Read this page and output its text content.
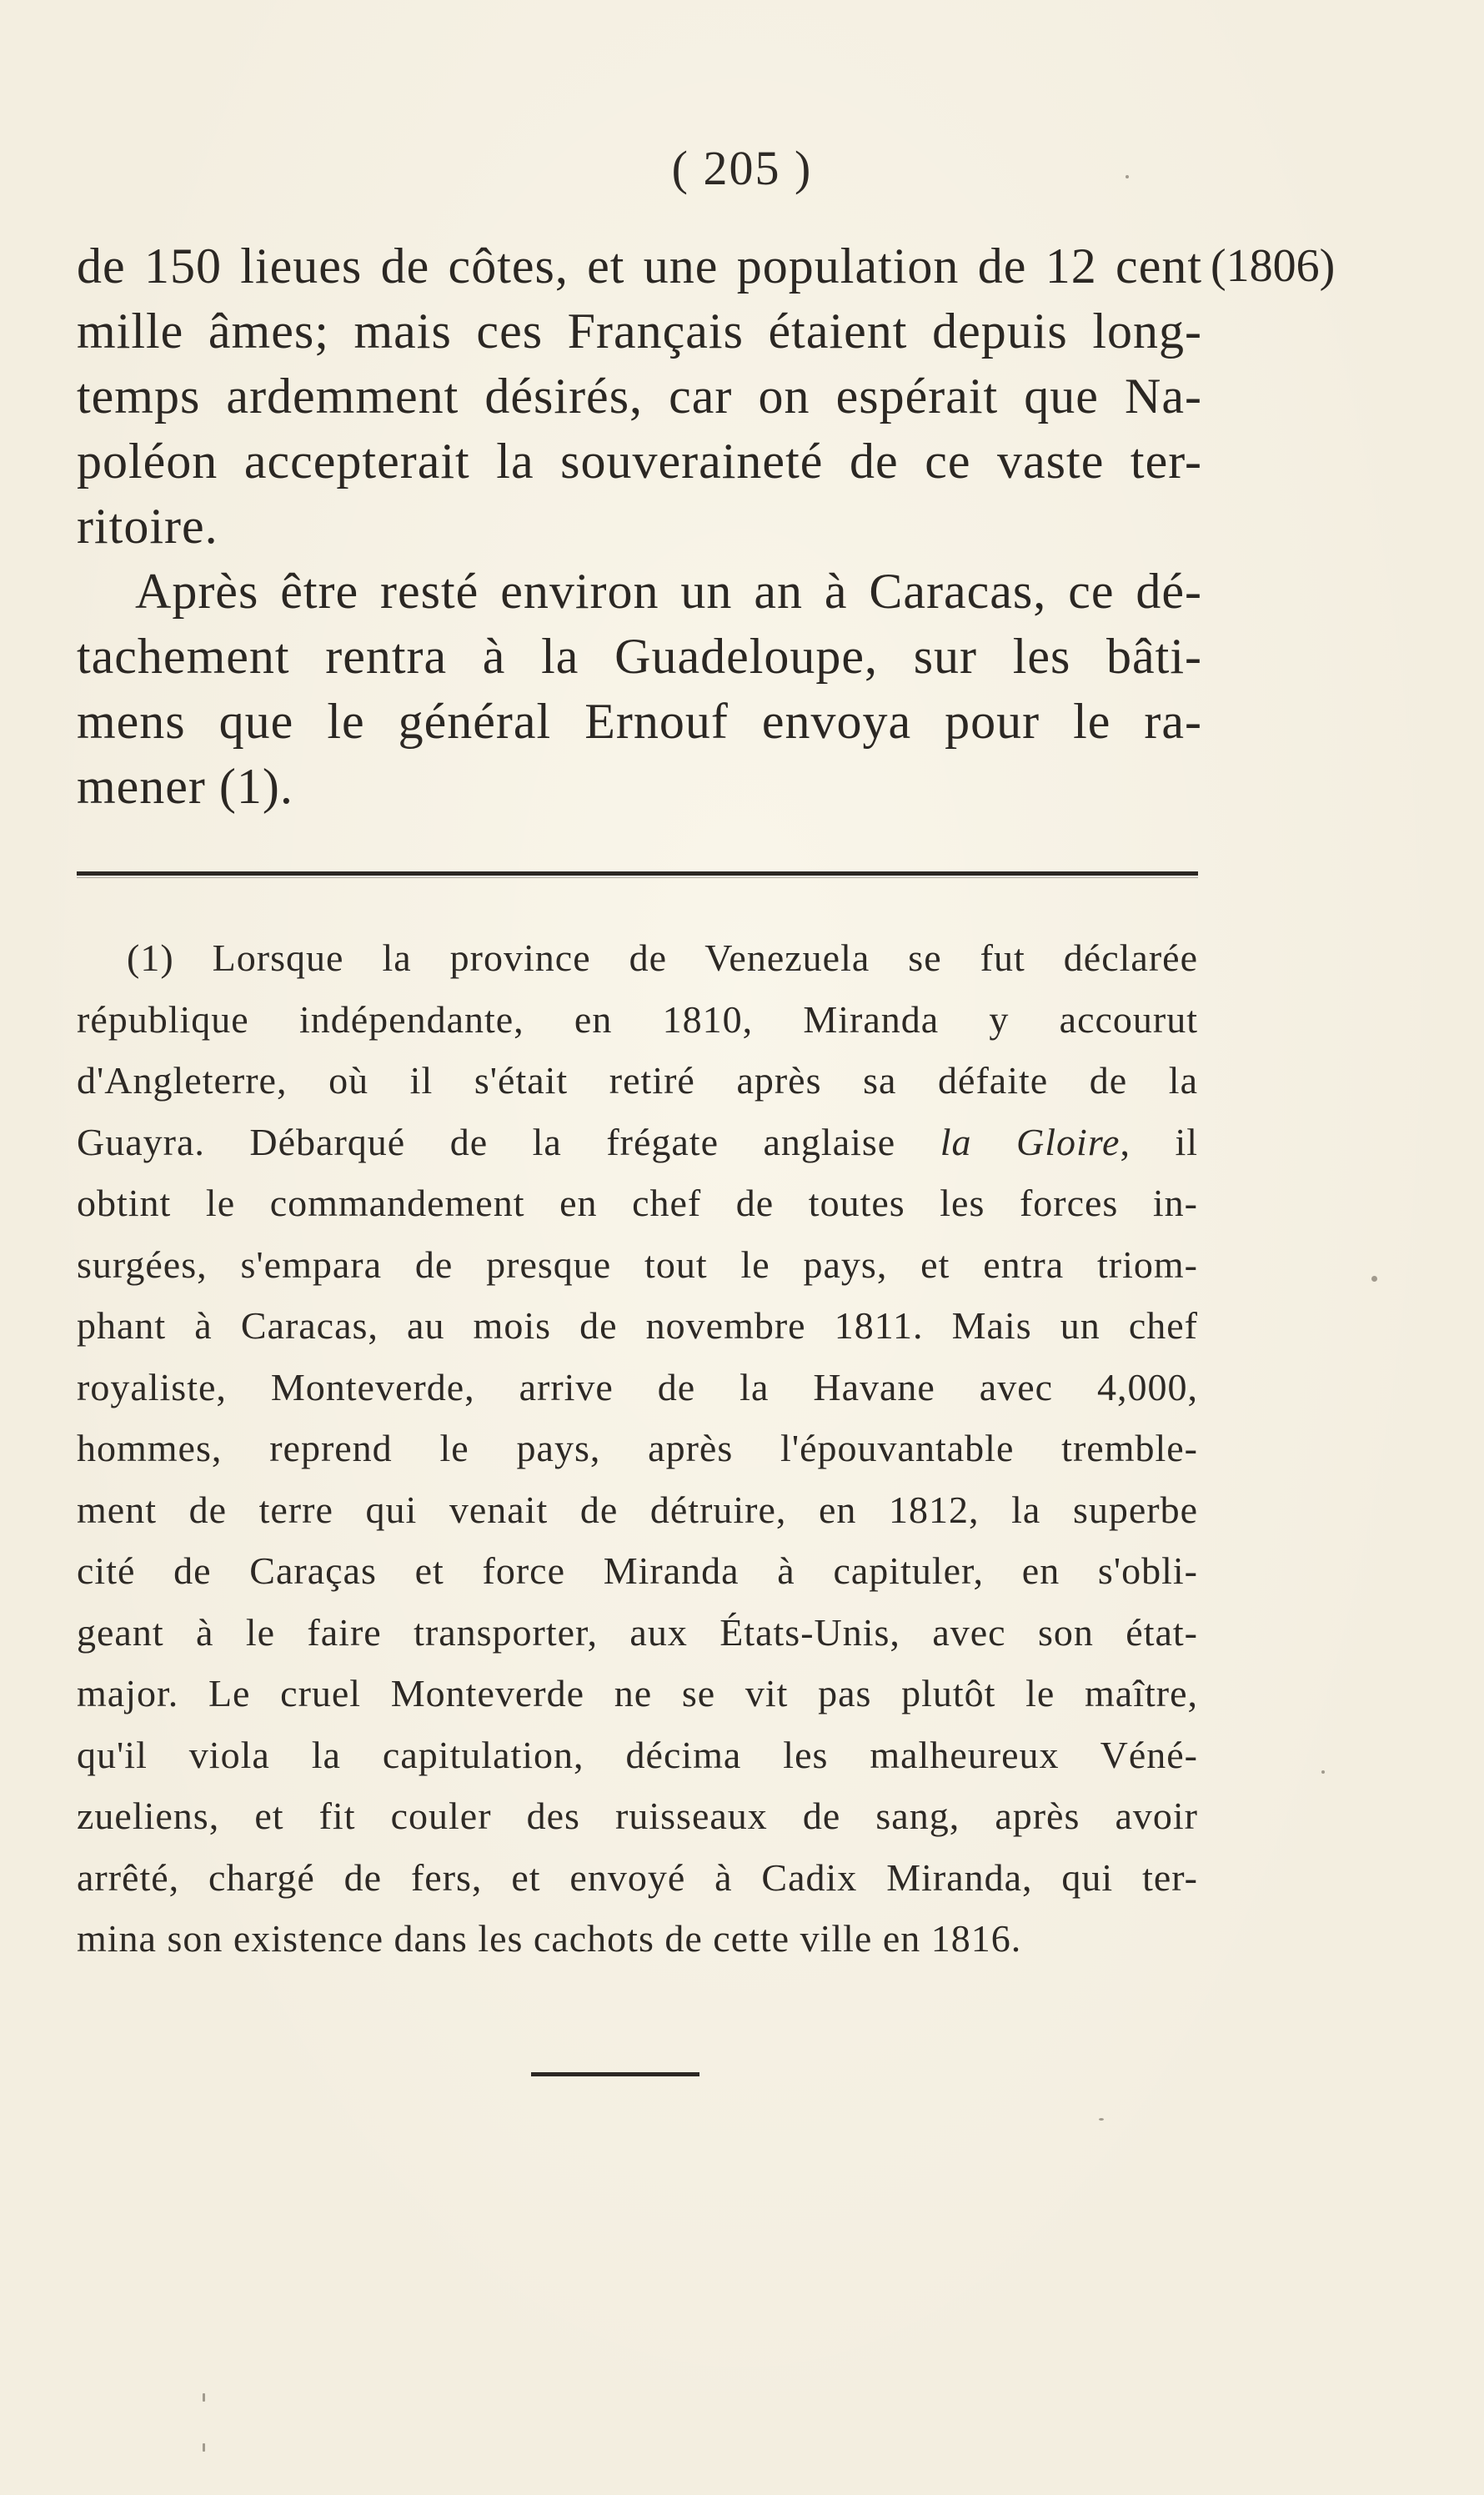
( 205 )
(1806)
de 150 lieues de côtes, et une population de 12 cent
mille âmes; mais ces Français étaient depuis long-
temps ardemment désirés, car on espérait que Na-
poléon accepterait la souveraineté de ce vaste ter-
ritoire.
Après être resté environ un an à Caracas, ce dé-
tachement rentra à la Guadeloupe, sur les bâti-
mens que le général Ernouf envoya pour le ra-
mener (1).
(1) Lorsque la province de Venezuela se fut déclarée
république indépendante, en 1810, Miranda y accourut
d'Angleterre, où il s'était retiré après sa défaite de la
Guayra. Débarqué de la frégate anglaise la Gloire, il
obtint le commandement en chef de toutes les forces in-
surgées, s'empara de presque tout le pays, et entra triom-
phant à Caracas, au mois de novembre 1811. Mais un chef
royaliste, Monteverde, arrive de la Havane avec 4,000,
hommes, reprend le pays, après l'épouvantable tremble-
ment de terre qui venait de détruire, en 1812, la superbe
cité de Caraças et force Miranda à capituler, en s'obli-
geant à le faire transporter, aux États-Unis, avec son état-
major. Le cruel Monteverde ne se vit pas plutôt le maître,
qu'il viola la capitulation, décima les malheureux Véné-
zueliens, et fit couler des ruisseaux de sang, après avoir
arrêté, chargé de fers, et envoyé à Cadix Miranda, qui ter-
mina son existence dans les cachots de cette ville en 1816.
